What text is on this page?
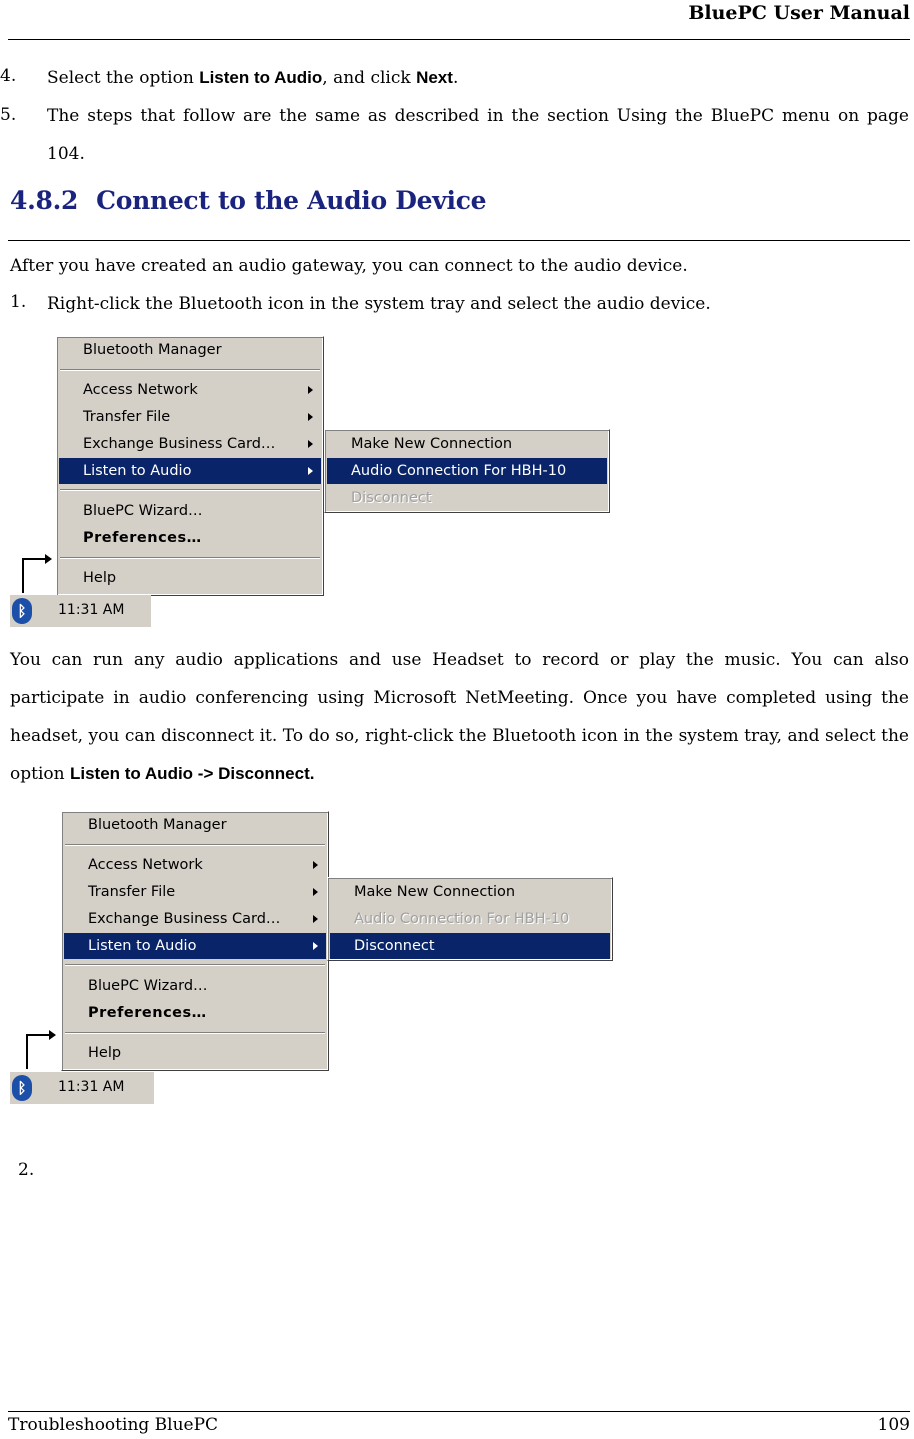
BluePC User Manual
4. Select the option Listen to Audio, and click Next.
5. The steps that follow are the same as described in the section Using the BluePC menu on page 104.
4.8.2 Connect to the Audio Device
After you have created an audio gateway, you can connect to the audio device.
1. Right-click the Bluetooth icon in the system tray and select the audio device.
Bluetooth Manager
Access Network
Transfer File
Exchange Business Card…
Listen to Audio
BluePC Wizard…
Preferences…
Help
Make New Connection
Audio Connection For HBH-10
Disconnect
ᛒ	11:31 AM
You can run any audio applications and use Headset to record or play the music. You can also participate in audio conferencing using Microsoft NetMeeting. Once you have completed using the headset, you can disconnect it. To do so, right-click the Bluetooth icon in the system tray, and select the option Listen to Audio -> Disconnect.
Bluetooth Manager
Access Network
Transfer File
Exchange Business Card…
Listen to Audio
BluePC Wizard…
Preferences…
Help
Make New Connection
Audio Connection For HBH-10
Disconnect
ᛒ	11:31 AM
2.
Troubleshooting BluePC	109
